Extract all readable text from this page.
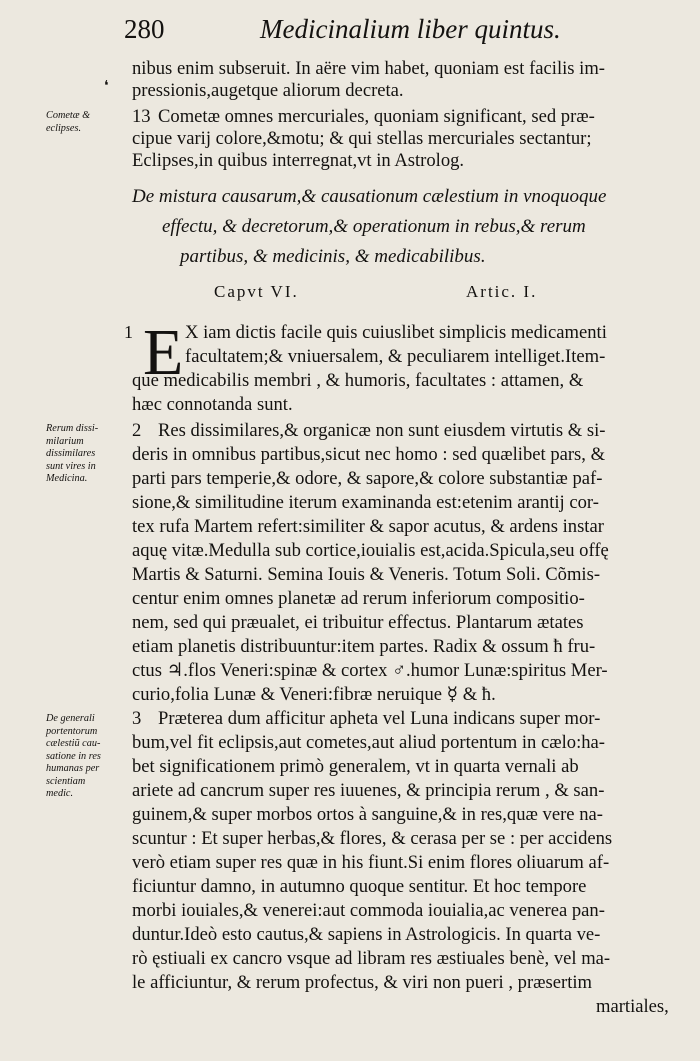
280	Medicinalium liber quintus.
❛
Cometæ &
eclipses.
Rerum dissi-
milarium
dissimilares
sunt vires in
Medicina.
De generali
portentorum
cælestiũ cau-
satione in res
humanas per
scientiam
medic.
nibus enim subseruit. In aëre vim habet, quoniam est facilis im-
pressionis,augetque aliorum decreta.
13 Cometæ omnes mercuriales, quoniam significant, sed præ-
cipue varij colore,&motu; & qui stellas mercuriales sectantur;
Eclipses,in quibus interregnat,vt in Astrolog.
De mistura causarum,& causationum cælestium in vnoquoque
effectu, & decretorum,& operationum in rebus,& rerum
partibus, & medicinis, & medicabilibus.
Capvt VI.	Artic. I.
1 E X iam dictis facile quis cuiuslibet simplicis medicamenti
facultatem;& vniuersalem, & peculiarem intelliget.Item-
que medicabilis membri , & humoris, facultates : attamen, &
hæc connotanda sunt.
2 Res dissimilares,& organicæ non sunt eiusdem virtutis & si-
deris in omnibus partibus,sicut nec homo : sed quælibet pars, &
parti pars temperie,& odore, & sapore,& colore substantiæ paf-
sione,& similitudine iterum examinanda est:etenim arantij cor-
tex rufa Martem refert:similiter & sapor acutus, & ardens instar
aquę vitæ.Medulla sub cortice,iouialis est,acida.Spicula,seu offę
Martis & Saturni. Semina Iouis & Veneris. Totum Soli. Cõmis-
centur enim omnes planetæ ad rerum inferiorum compositio-
nem, sed qui præualet, ei tribuitur effectus. Plantarum ætates
etiam planetis distribuuntur:item partes. Radix & ossum ħ fru-
ctus ♃.flos Veneri:spinæ & cortex ♂.humor Lunæ:spiritus Mer-
curio,folia Lunæ & Veneri:fibræ neruique ☿ & ħ.
3 Præterea dum afficitur apheta vel Luna indicans super mor-
bum,vel fit eclipsis,aut cometes,aut aliud portentum in cælo:ha-
bet significationem primò generalem, vt in quarta vernali ab
ariete ad cancrum super res iuuenes, & principia rerum , & san-
guinem,& super morbos ortos à sanguine,& in res,quæ vere na-
scuntur : Et super herbas,& flores, & cerasa per se : per accidens
verò etiam super res quæ in his fiunt.Si enim flores oliuarum af-
ficiuntur damno, in autumno quoque sentitur. Et hoc tempore
morbi iouiales,& venerei:aut commoda iouialia,ac venerea pan-
duntur.Ideò esto cautus,& sapiens in Astrologicis. In quarta ve-
rò ęstiuali ex cancro vsque ad libram res æstiuales benè, vel ma-
le afficiuntur, & rerum profectus, & viri non pueri , præsertim
martiales,
